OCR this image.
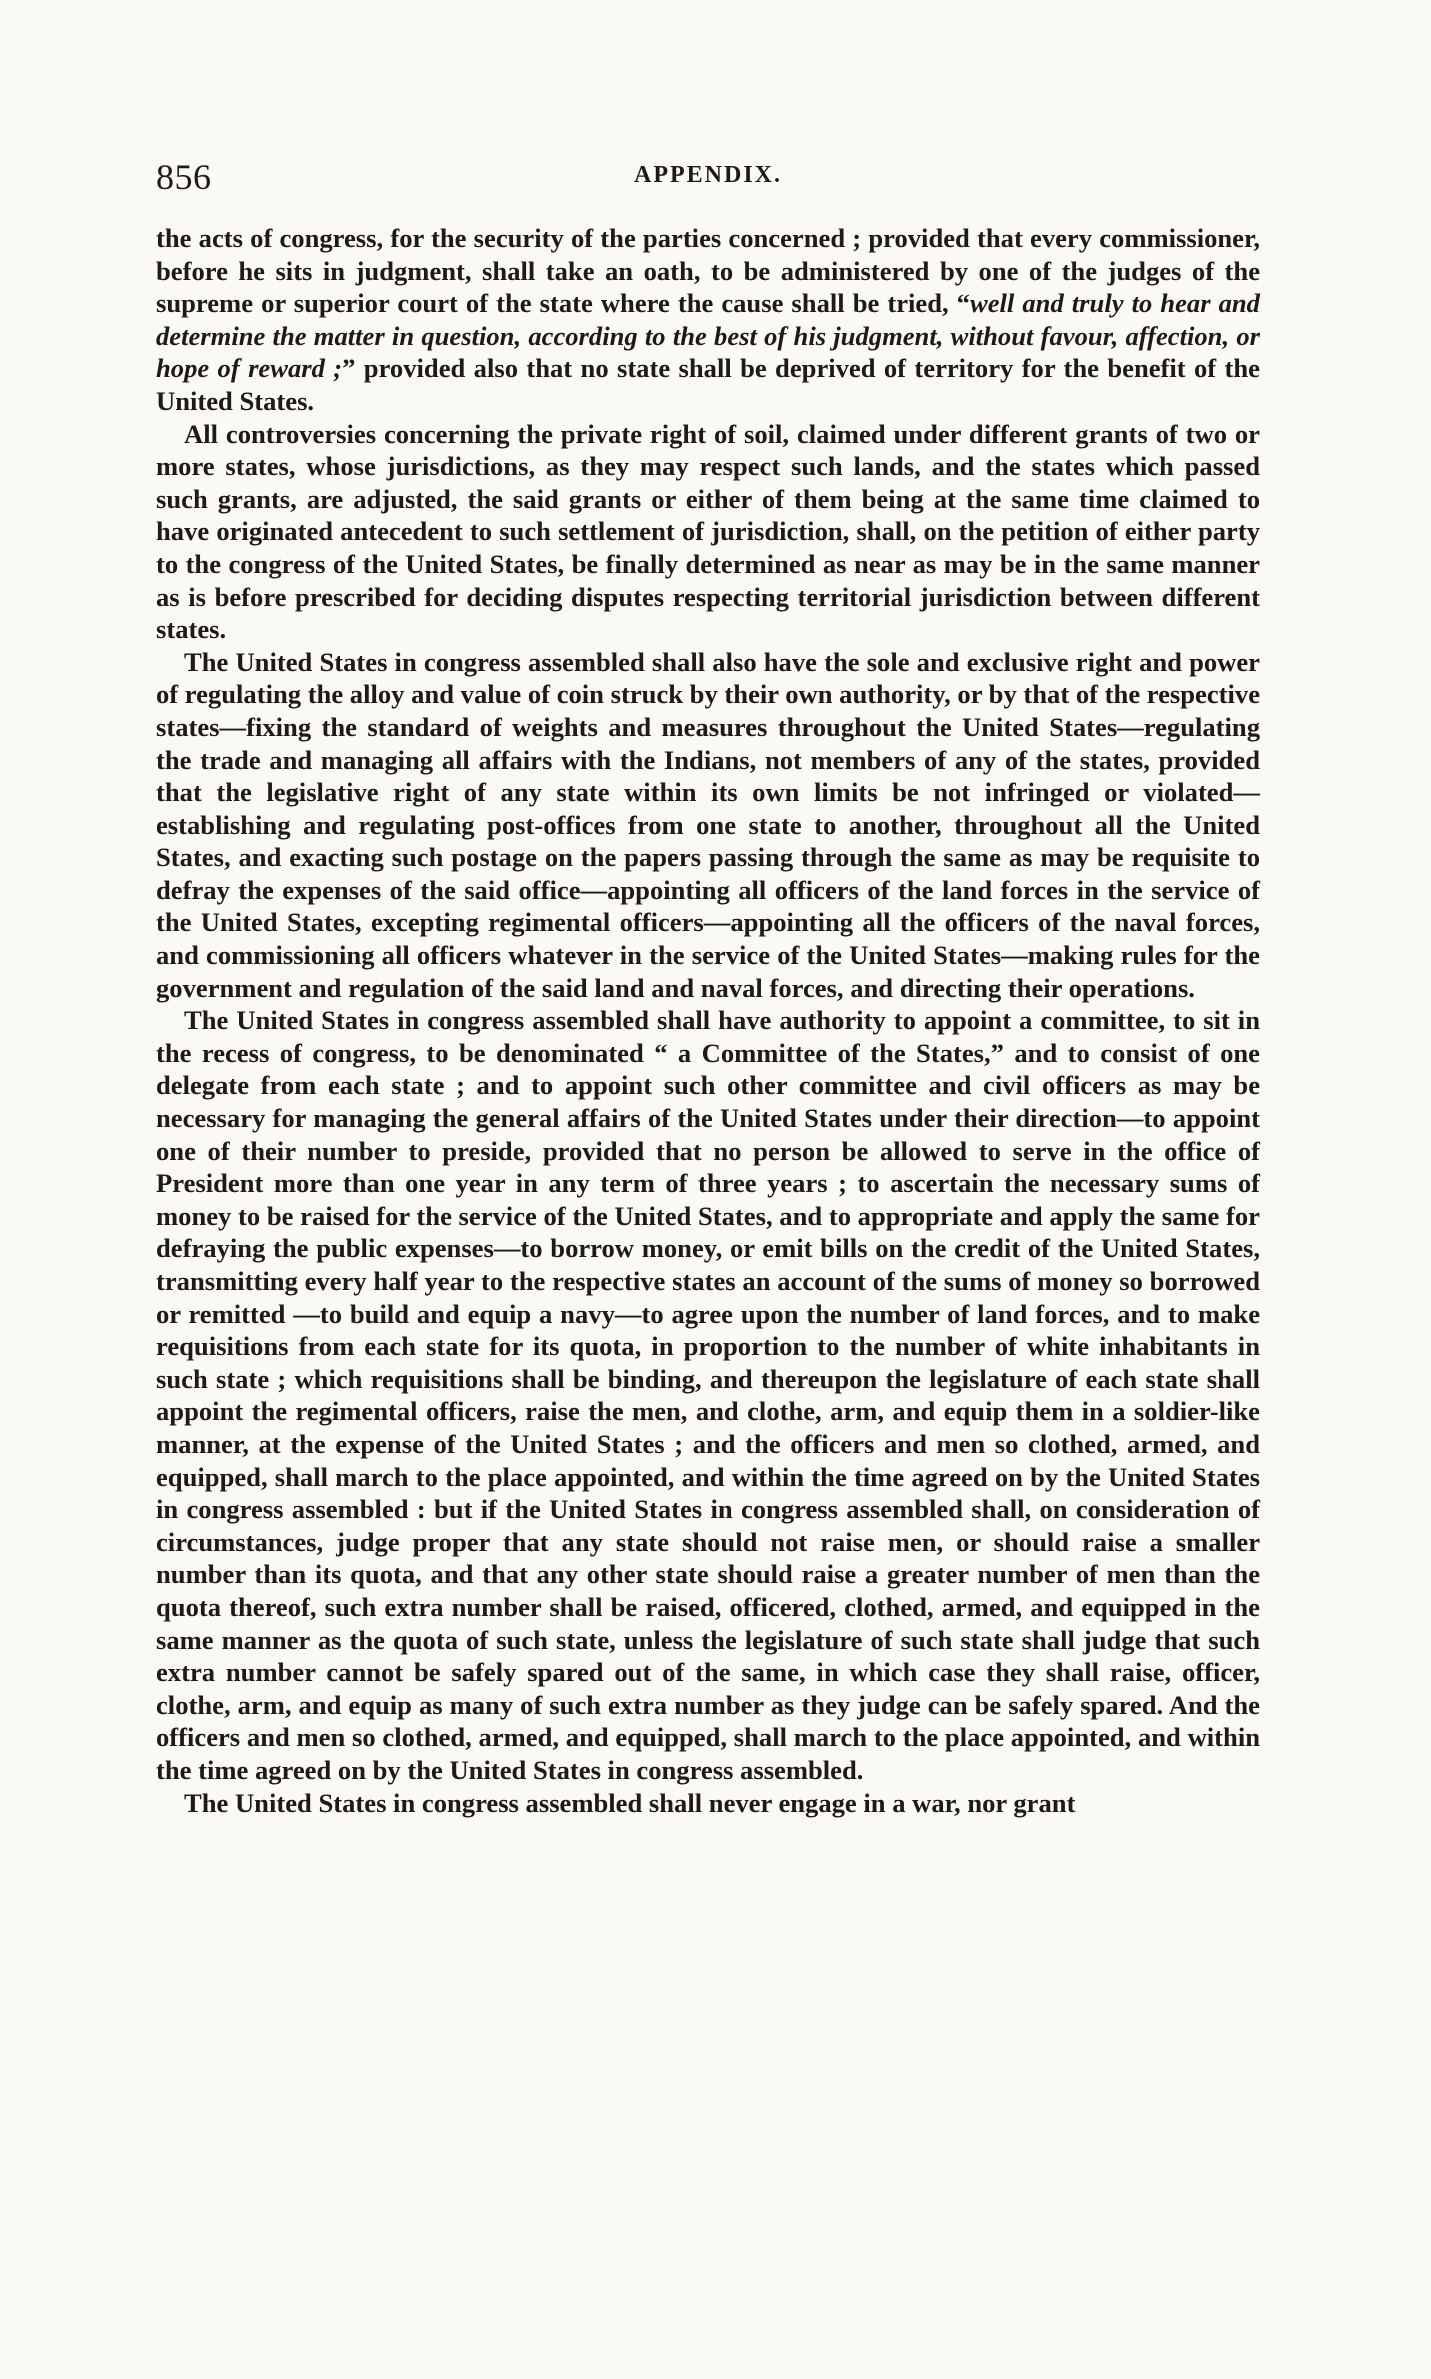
856	APPENDIX.

the acts of congress, for the security of the parties concerned ; provided that every commissioner, before he sits in judgment, shall take an oath, to be administered by one of the judges of the supreme or superior court of the state where the cause shall be tried, “well and truly to hear and determine the matter in question, according to the best of his judgment, without favour, affection, or hope of reward ;” provided also that no state shall be deprived of territory for the benefit of the United States.

All controversies concerning the private right of soil, claimed under different grants of two or more states, whose jurisdictions, as they may respect such lands, and the states which passed such grants, are adjusted, the said grants or either of them being at the same time claimed to have originated antecedent to such settlement of jurisdiction, shall, on the petition of either party to the congress of the United States, be finally determined as near as may be in the same manner as is before prescribed for deciding disputes respecting territorial jurisdiction between different states.

The United States in congress assembled shall also have the sole and exclusive right and power of regulating the alloy and value of coin struck by their own authority, or by that of the respective states—fixing the standard of weights and measures throughout the United States—regulating the trade and managing all affairs with the Indians, not members of any of the states, provided that the legislative right of any state within its own limits be not infringed or violated—establishing and regulating post-offices from one state to another, throughout all the United States, and exacting such postage on the papers passing through the same as may be requisite to defray the expenses of the said office—appointing all officers of the land forces in the service of the United States, excepting regimental officers—appointing all the officers of the naval forces, and commissioning all officers whatever in the service of the United States—making rules for the government and regulation of the said land and naval forces, and directing their operations.

The United States in congress assembled shall have authority to appoint a committee, to sit in the recess of congress, to be denominated “ a Committee of the States,” and to consist of one delegate from each state ; and to appoint such other committee and civil officers as may be necessary for managing the general affairs of the United States under their direction—to appoint one of their number to preside, provided that no person be allowed to serve in the office of President more than one year in any term of three years ; to ascertain the necessary sums of money to be raised for the service of the United States, and to appropriate and apply the same for defraying the public expenses—to borrow money, or emit bills on the credit of the United States, transmitting every half year to the respective states an account of the sums of money so borrowed or remitted —to build and equip a navy—to agree upon the number of land forces, and to make requisitions from each state for its quota, in proportion to the number of white inhabitants in such state ; which requisitions shall be binding, and thereupon the legislature of each state shall appoint the regimental officers, raise the men, and clothe, arm, and equip them in a soldier-like manner, at the expense of the United States ; and the officers and men so clothed, armed, and equipped, shall march to the place appointed, and within the time agreed on by the United States in congress assembled : but if the United States in congress assembled shall, on consideration of circumstances, judge proper that any state should not raise men, or should raise a smaller number than its quota, and that any other state should raise a greater number of men than the quota thereof, such extra number shall be raised, officered, clothed, armed, and equipped in the same manner as the quota of such state, unless the legislature of such state shall judge that such extra number cannot be safely spared out of the same, in which case they shall raise, officer, clothe, arm, and equip as many of such extra number as they judge can be safely spared. And the officers and men so clothed, armed, and equipped, shall march to the place appointed, and within the time agreed on by the United States in congress assembled.

The United States in congress assembled shall never engage in a war, nor grant
